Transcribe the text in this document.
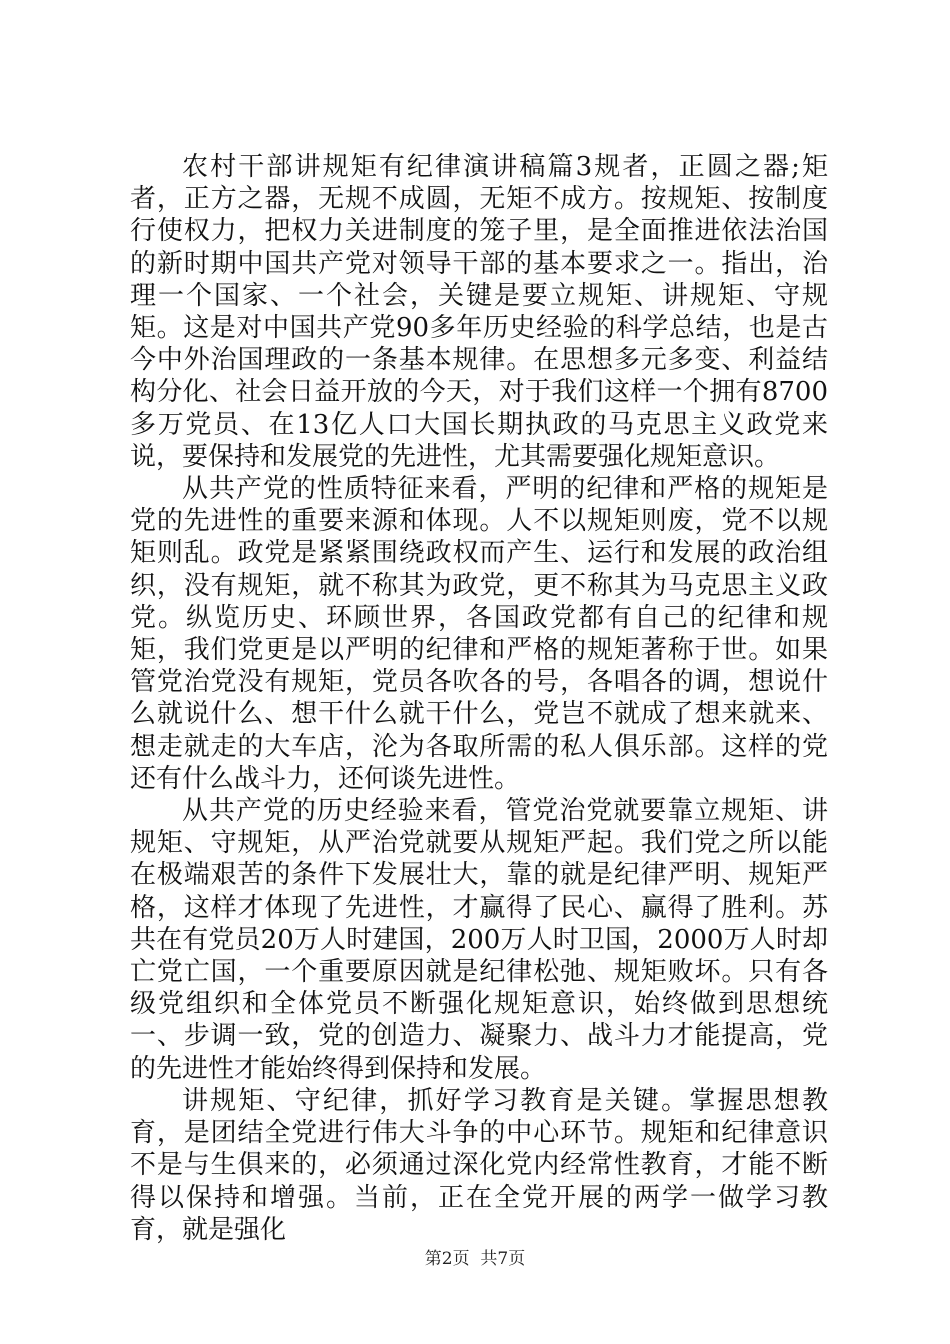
农村干部讲规矩有纪律演讲稿篇3规者，正圆之器;矩者，正方之器，无规不成圆，无矩不成方。按规矩、按制度行使权力，把权力关进制度的笼子里，是全面推进依法治国的新时期中国共产党对领导干部的基本要求之一。指出，治理一个国家、一个社会，关键是要立规矩、讲规矩、守规矩。这是对中国共产党90多年历史经验的科学总结，也是古今中外治国理政的一条基本规律。在思想多元多变、利益结构分化、社会日益开放的今天，对于我们这样一个拥有8700多万党员、在13亿人口大国长期执政的马克思主义政党来说，要保持和发展党的先进性，尤其需要强化规矩意识。

从共产党的性质特征来看，严明的纪律和严格的规矩是党的先进性的重要来源和体现。人不以规矩则废，党不以规矩则乱。政党是紧紧围绕政权而产生、运行和发展的政治组织，没有规矩，就不称其为政党，更不称其为马克思主义政党。纵览历史、环顾世界，各国政党都有自己的纪律和规矩，我们党更是以严明的纪律和严格的规矩著称于世。如果管党治党没有规矩，党员各吹各的号，各唱各的调，想说什么就说什么、想干什么就干什么，党岂不就成了想来就来、想走就走的大车店，沦为各取所需的私人俱乐部。这样的党还有什么战斗力，还何谈先进性。

从共产党的历史经验来看，管党治党就要靠立规矩、讲规矩、守规矩，从严治党就要从规矩严起。我们党之所以能在极端艰苦的条件下发展壮大，靠的就是纪律严明、规矩严格，这样才体现了先进性，才赢得了民心、赢得了胜利。苏共在有党员20万人时建国，200万人时卫国，2000万人时却亡党亡国，一个重要原因就是纪律松弛、规矩败坏。只有各级党组织和全体党员不断强化规矩意识，始终做到思想统一、步调一致，党的创造力、凝聚力、战斗力才能提高，党的先进性才能始终得到保持和发展。

讲规矩、守纪律，抓好学习教育是关键。掌握思想教育，是团结全党进行伟大斗争的中心环节。规矩和纪律意识不是与生俱来的，必须通过深化党内经常性教育，才能不断得以保持和增强。当前，正在全党开展的两学一做学习教育，就是强化

第2页  共7页
